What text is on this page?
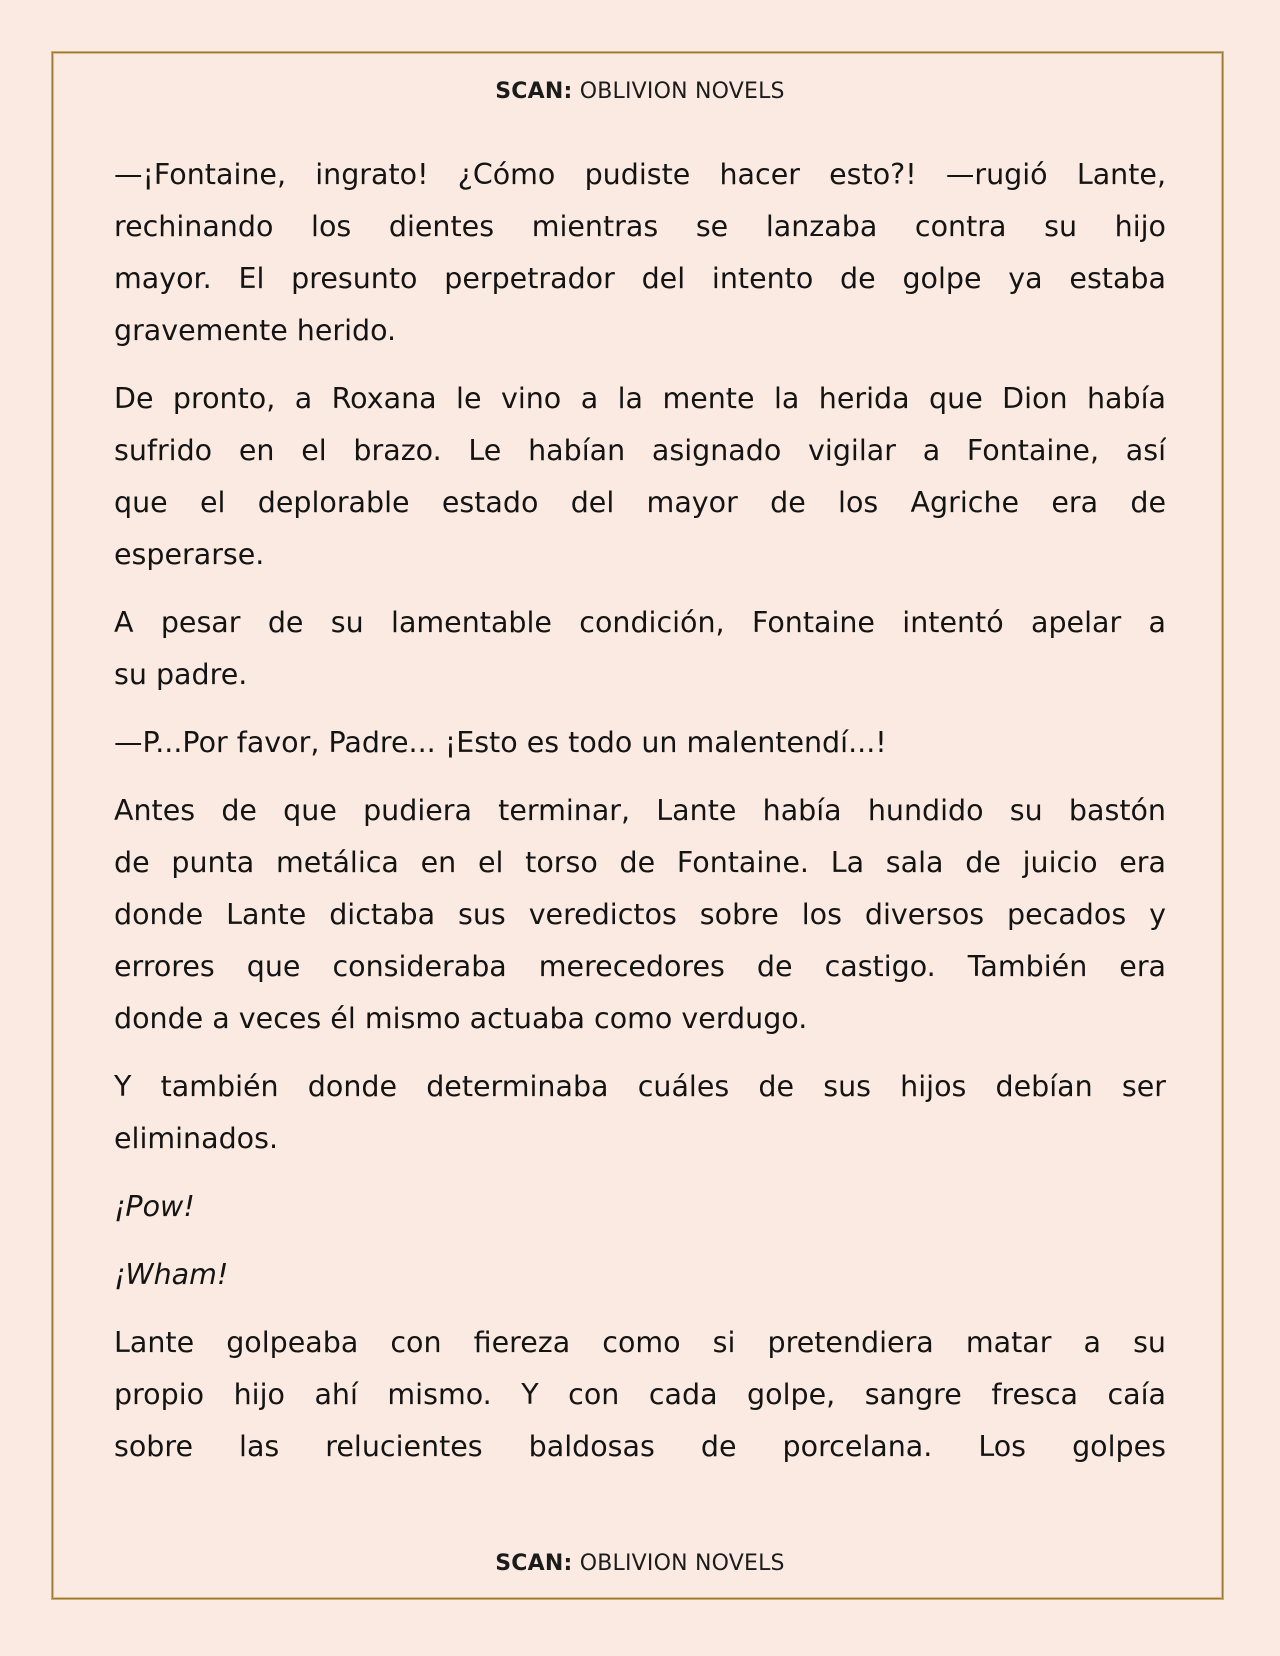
SCAN: OBLIVION NOVELS
—¡Fontaine, ingrato! ¿Cómo pudiste hacer esto?! —rugió Lante,
rechinando los dientes mientras se lanzaba contra su hijo
mayor. El presunto perpetrador del intento de golpe ya estaba
gravemente herido.
De pronto, a Roxana le vino a la mente la herida que Dion había
sufrido en el brazo. Le habían asignado vigilar a Fontaine, así
que el deplorable estado del mayor de los Agriche era de
esperarse.
A pesar de su lamentable condición, Fontaine intentó apelar a
su padre.
—P...Por favor, Padre... ¡Esto es todo un malentendí...!
Antes de que pudiera terminar, Lante había hundido su bastón
de punta metálica en el torso de Fontaine. La sala de juicio era
donde Lante dictaba sus veredictos sobre los diversos pecados y
errores que consideraba merecedores de castigo. También era
donde a veces él mismo actuaba como verdugo.
Y también donde determinaba cuáles de sus hijos debían ser
eliminados.
¡Pow!
¡Wham!
Lante golpeaba con fiereza como si pretendiera matar a su
propio hijo ahí mismo. Y con cada golpe, sangre fresca caía
sobre las relucientes baldosas de porcelana. Los golpes
SCAN: OBLIVION NOVELS
